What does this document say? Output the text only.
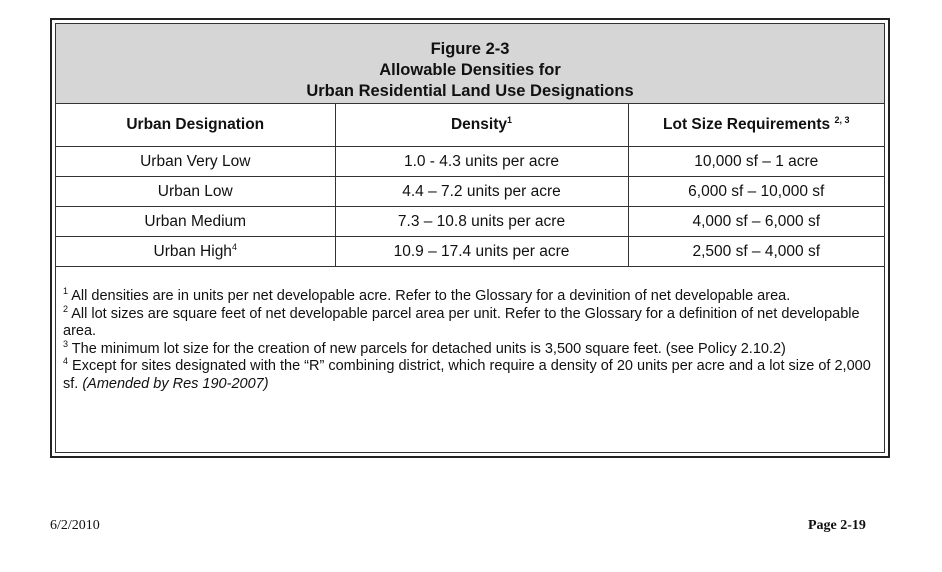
Figure 2-3
Allowable Densities for
Urban Residential Land Use Designations
Urban Designation	Density$^1$	Lot Size Requirements $^{2, 3}$
Urban Very Low	1.0 - 4.3 units per acre	10,000 sf – 1 acre
Urban Low	4.4 – 7.2 units per acre	6,000 sf – 10,000 sf
Urban Medium	7.3 – 10.8 units per acre	4,000 sf – 6,000 sf
Urban High$^4$	10.9 – 17.4 units per acre	2,500 sf – 4,000 sf

$^1$ All densities are in units per net developable acre. Refer to the Glossary for a devinition of net developable area.

$^2$ All lot sizes are square feet of net developable parcel area per unit. Refer to the Glossary for a definition of net developable area.

$^3$ The minimum lot size for the creation of new parcels for detached units is 3,500 square feet. (see Policy 2.10.2)

$^4$ Except for sites designated with the “R” combining district, which require a density of 20 units per acre and a lot size of 2,000 sf. (Amended by Res 190-2007)

6/2/2010	Page 2-19
